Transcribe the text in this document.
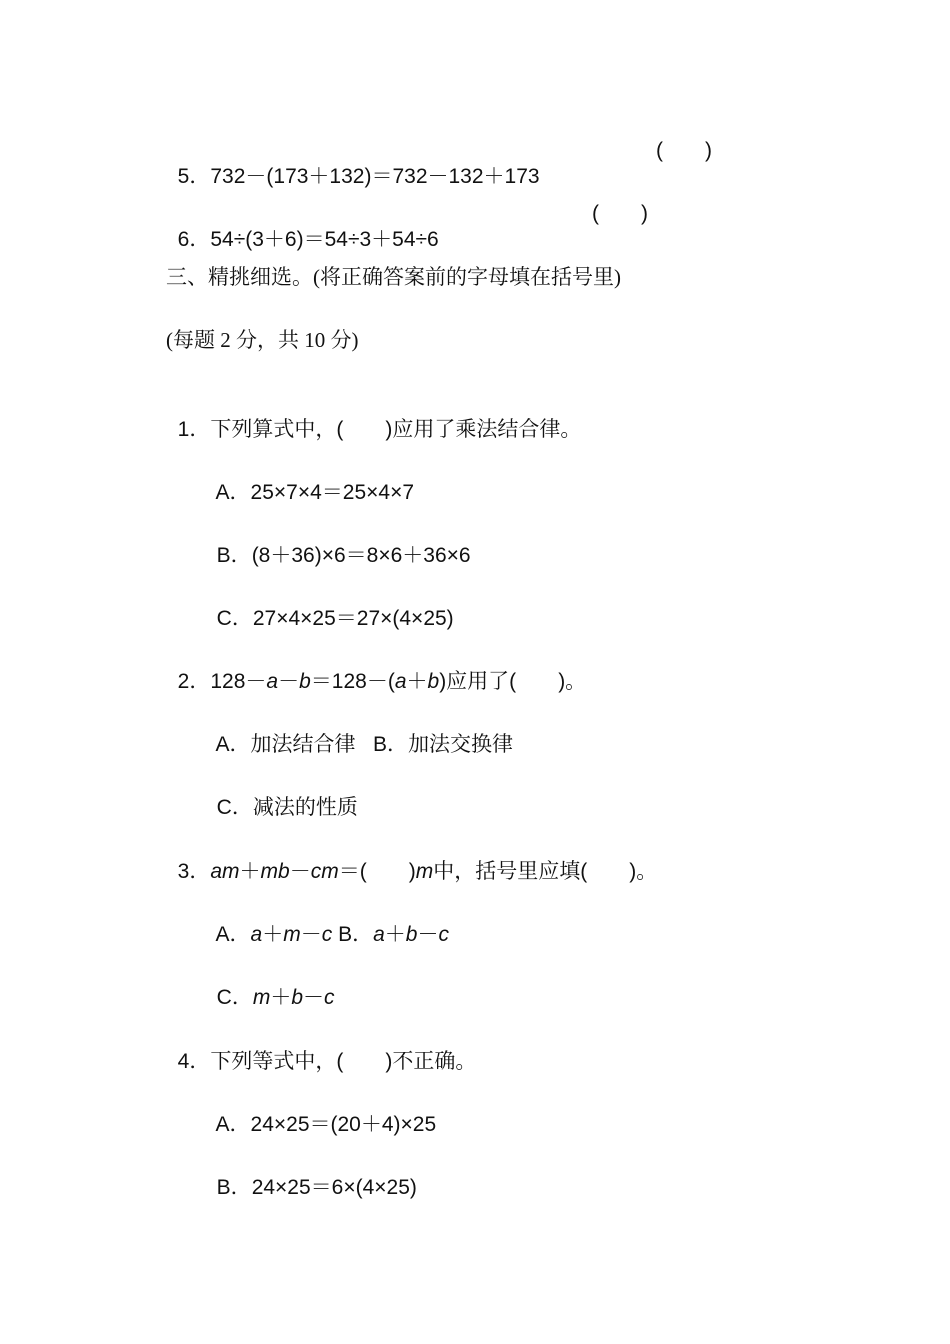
5．732－(173＋132)＝732－132＋173

(　　)

6．54÷(3＋6)＝54÷3＋54÷6

(　　)
三、精挑细选。(将正确答案前的字母填在括号里)
(每题 2 分，共 10 分)

1．下列算式中，(　　 )应用了乘法结合律。

A．25×7×4＝25×4×7

B．(8＋36)×6＝8×6＋36×6

C．27×4×25＝27×(4×25)

2．128－a－b＝128－(a＋b)应用了(　　 )。

A．加法结合律 B．加法交换律

C．减法的性质

3．am＋mb－cm＝(　　 )m中，括号里应填(　　 )。

A．a＋m－c B．a＋b－c

C．m＋b－c

4．下列等式中，(　　 )不正确。

A．24×25＝(20＋4)×25

B．24×25＝6×(4×25)
